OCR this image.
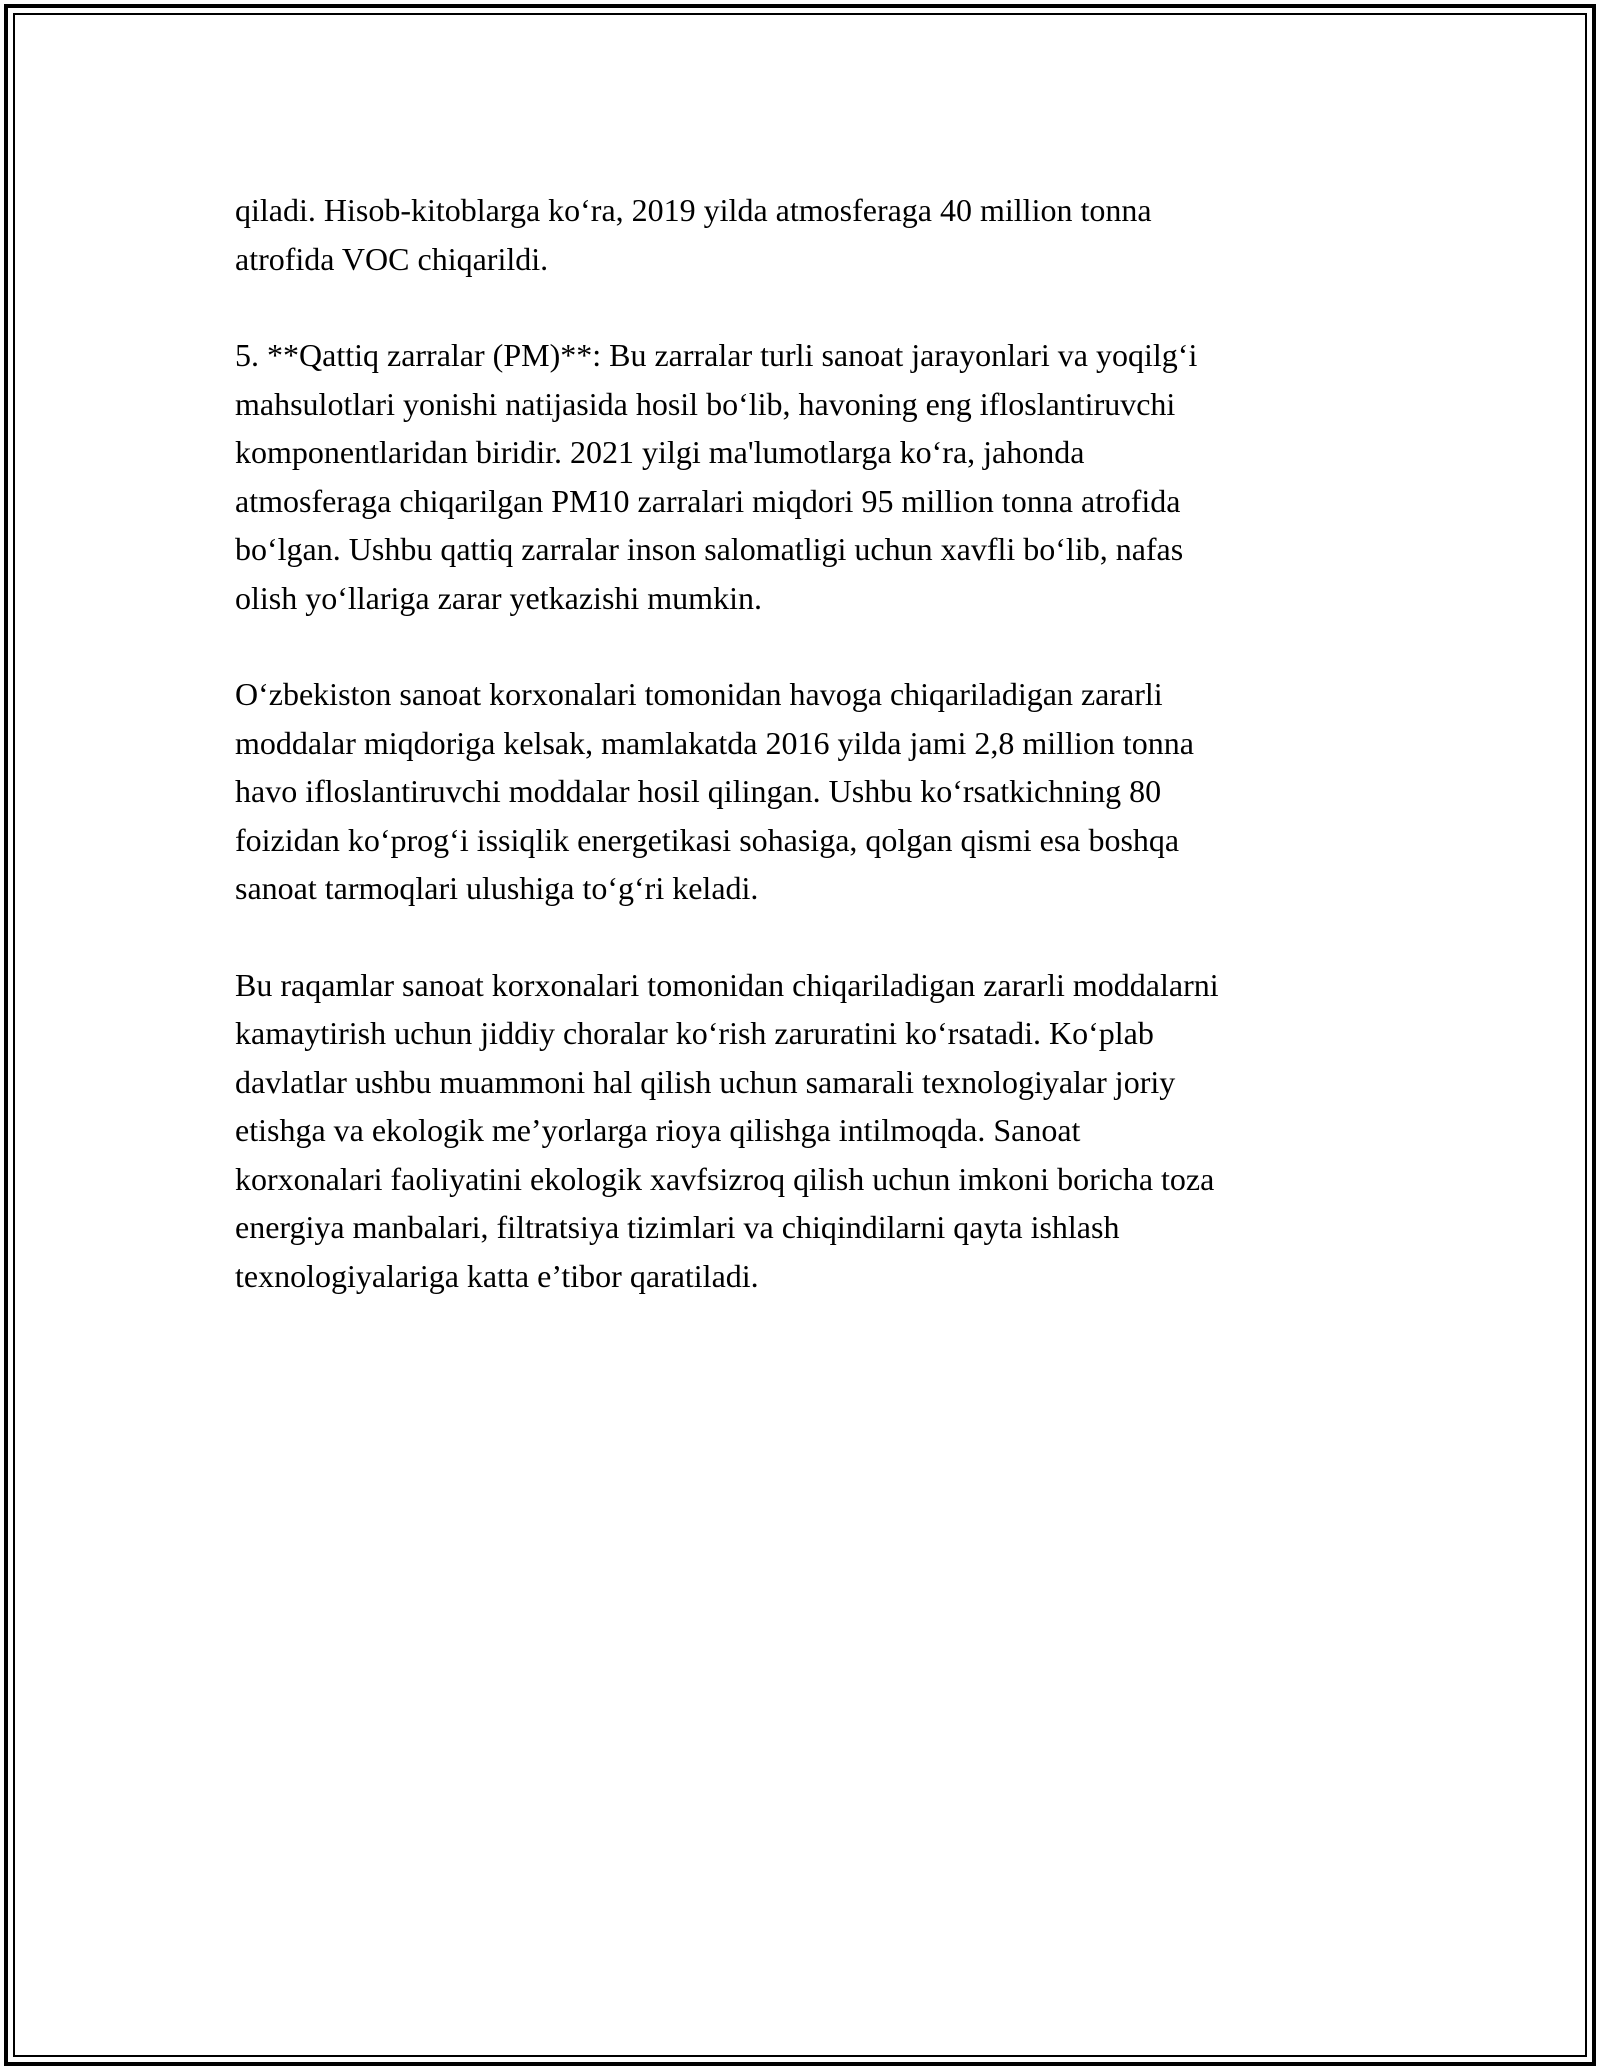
qiladi. Hisob-kitoblarga ko‘ra, 2019 yilda atmosferaga 40 million tonna
atrofida VOC chiqarildi.

5. **Qattiq zarralar (PM)**: Bu zarralar turli sanoat jarayonlari va yoqilg‘i
mahsulotlari yonishi natijasida hosil bo‘lib, havoning eng ifloslantiruvchi
komponentlaridan biridir. 2021 yilgi ma'lumotlarga ko‘ra, jahonda
atmosferaga chiqarilgan PM10 zarralari miqdori 95 million tonna atrofida
bo‘lgan. Ushbu qattiq zarralar inson salomatligi uchun xavfli bo‘lib, nafas
olish yo‘llariga zarar yetkazishi mumkin.

O‘zbekiston sanoat korxonalari tomonidan havoga chiqariladigan zararli
moddalar miqdoriga kelsak, mamlakatda 2016 yilda jami 2,8 million tonna
havo ifloslantiruvchi moddalar hosil qilingan. Ushbu ko‘rsatkichning 80
foizidan ko‘prog‘i issiqlik energetikasi sohasiga, qolgan qismi esa boshqa
sanoat tarmoqlari ulushiga to‘g‘ri keladi.

Bu raqamlar sanoat korxonalari tomonidan chiqariladigan zararli moddalarni
kamaytirish uchun jiddiy choralar ko‘rish zaruratini ko‘rsatadi. Ko‘plab
davlatlar ushbu muammoni hal qilish uchun samarali texnologiyalar joriy
etishga va ekologik me’yorlarga rioya qilishga intilmoqda. Sanoat
korxonalari faoliyatini ekologik xavfsizroq qilish uchun imkoni boricha toza
energiya manbalari, filtratsiya tizimlari va chiqindilarni qayta ishlash
texnologiyalariga katta e’tibor qaratiladi.
